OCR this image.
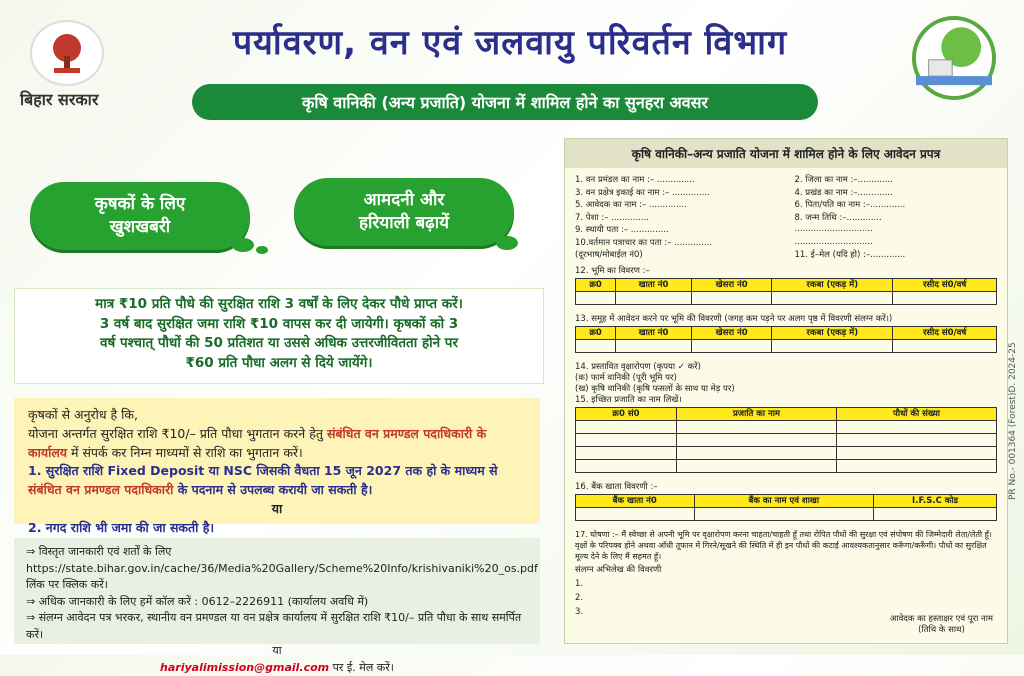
बिहार सरकार
पर्यावरण, वन एवं जलवायु परिवर्तन विभाग
कृषि वानिकी (अन्य प्रजाति) योजना में शामिल होने का सुनहरा अवसर
कृषकों के लिए
खुशखबरी
आमदनी और
हरियाली बढ़ायें
मात्र ₹10 प्रति पौधे की सुरक्षित राशि 3 वर्षों के लिए देकर पौधे प्राप्त करें।
3 वर्ष बाद सुरक्षित जमा राशि ₹10 वापस कर दी जायेगी। कृषकों को 3
वर्ष पश्चात् पौधों की 50 प्रतिशत या उससे अधिक उत्तरजीवितता होने पर
₹60 प्रति पौधा अलग से दिये जायेंगे।
कृषकों से अनुरोध है कि,
योजना अन्तर्गत सुरक्षित राशि ₹10/– प्रति पौधा भुगतान करने हेतु संबंधित वन प्रमण्डल पदाधिकारी के कार्यालय में संपर्क कर निम्न माध्यमों से राशि का भुगतान करें।
1. सुरक्षित राशि Fixed Deposit या NSC जिसकी वैधता 15 जून 2027 तक हो के माध्यम से संबंधित वन प्रमण्डल पदाधिकारी के पदनाम से उपलब्ध करायी जा सकती है।
या
2. नगद राशि भी जमा की जा सकती है।
⇒ विस्तृत जानकारी एवं शर्तों के लिए https://state.bihar.gov.in/cache/36/Media%20Gallery/Scheme%20Info/krishivaniki%20_os.pdf लिंक पर क्लिक करें।
⇒ अधिक जानकारी के लिए हमें कॉल करें : 0612–2226911 (कार्यालय अवधि में)
⇒ संलग्न आवेदन पत्र भरकर, स्थानीय वन प्रमण्डल या वन प्रक्षेत्र कार्यालय में सुरक्षित राशि ₹10/– प्रति पौधा के साथ समर्पित करें।
या
hariyalimission@gmail.com पर ई. मेल करें।
कृषि वानिकी–अन्य प्रजाति योजना में शामिल होने के लिए आवेदन प्रपत्र
1. वन प्रमंडल का नाम :– ..............	2. जिला का नाम :–.............
3. वन प्रक्षेत्र इकाई का नाम :– ..............	4. प्रखंड का नाम :–.............
5. आवेदक का नाम :– ..............	6. पिता/पति का नाम :–.............
7. पेशा :– ..............	8. जन्म तिथि :–.............
9. स्थायी पता :– ..............	.............................
10.वर्तमान पत्राचार का पता :– ..............	.............................
(दूरभाष/मोबाईल नं0)	11. ई–मेल (यदि हो) :–.............
12. भूमि का विवरण :–
क्र0	खाता नं0	खेसरा नं0	रकबा (एकड़ में)	रसीद सं0/वर्ष

13. समूह में आवेदन करने पर भूमि की विवरणी (जगह कम पड़ने पर अलग पृष्ठ में विवरणी संलग्न करें।)
क्र0	खाता नं0	खेसरा नं0	रकबा (एकड़ में)	रसीद सं0/वर्ष

14. प्रस्तावित वृक्षारोपण (कृपया ✓ करें)
(क) फार्म वानिकी (पूरी भूमि पर)
(ख) कृषि वानिकी (कृषि फसलों के साथ या मेड़ पर)
15. इच्छित प्रजाति का नाम लिखें।
क्र0 सं0	प्रजाति का नाम	पौधों की संख्या

16. बैंक खाता विवरणी :–
बैंक खाता नं0	बैंक का नाम एवं शाखा	I.F.S.C कोड

17. घोषणा :– मैं स्वेच्छा से अपनी भूमि पर वृक्षारोपण करना चाहता/चाहती हूँ तथा रोपित पौधों की सुरक्षा एवं संपोषण की जिम्मेदारी लेता/लेती हूँ। वृक्षों के परिपक्व होने अथवा आँधी तूफान में गिरने/सूखने की स्थिति में ही इन पौधों की कटाई आवश्यकतानुसार करूँगा/करूँगी। पौधों का सुरक्षित मूल्य देने के लिए मैं सहमत हूँ।
संलग्न अभिलेख की विवरणी
1.
2.
3.
आवेदक का हस्ताक्षर एवं पूरा नाम
(तिथि के साथ)
PR No.- 001364 (Forest)D. 2024-25
